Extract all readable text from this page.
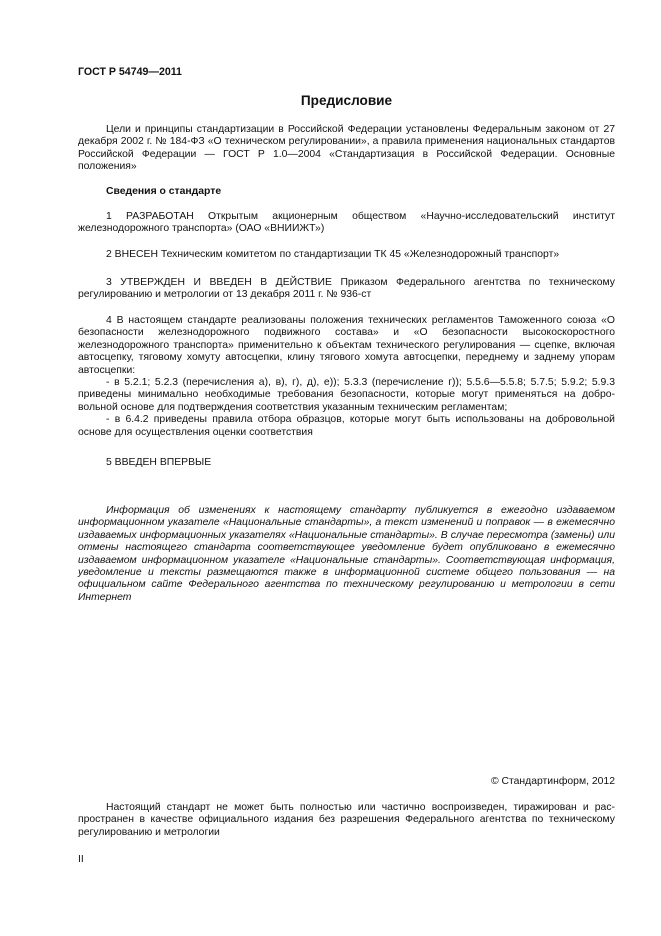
ГОСТ Р 54749—2011
Предисловие

Цели и принципы стандартизации в Российской Федерации установлены Федеральным законом от 27 декабря 2002 г. № 184-ФЗ «О техническом регулировании», а правила применения национальных стандартов Российской Федерации — ГОСТ Р 1.0—2004 «Стандартизация в Российской Федерации. Основные положения»

Сведения о стандарте

1 РАЗРАБОТАН Открытым акционерным обществом «Научно-исследовательский институт железнодорожного транспорта» (ОАО «ВНИИЖТ»)

2 ВНЕСЕН Техническим комитетом по стандартизации ТК 45 «Железнодорожный транспорт»

3 УТВЕРЖДЕН И ВВЕДЕН В ДЕЙСТВИЕ Приказом Федерального агентства по техническому регулированию и метрологии от 13 декабря 2011 г. № 936-ст

4 В настоящем стандарте реализованы положения технических регламентов Таможенного союза «О безопасности железнодорожного подвижного состава» и «О безопасности высокоскоростного железнодорожного транспорта» применительно к объектам технического регулирования — сцепке, включая автосцепку, тяговому хомуту автосцепки, клину тягового хомута автосцепки, переднему и заднему упорам автосцепки:

- в 5.2.1; 5.2.3 (перечисления а), в), г), д), е)); 5.3.3 (перечисление г)); 5.5.6—5.5.8; 5.7.5; 5.9.2; 5.9.3 приведены минимально необходимые требования безопасности, которые могут применяться на добровольной основе для подтверждения соответствия указанным техническим регламентам;

- в 6.4.2 приведены правила отбора образцов, которые могут быть использованы на добровольной основе для осуществления оценки соответствия

5 ВВЕДЕН ВПЕРВЫЕ

Информация об изменениях к настоящему стандарту публикуется в ежегодно издаваемом информационном указателе «Национальные стандарты», а текст изменений и поправок — в ежемесячно издаваемых информационных указателях «Национальные стандарты». В случае пересмотра (замены) или отмены настоящего стандарта соответствующее уведомление будет опубликовано в ежемесячно издаваемом информационном указателе «Национальные стандарты». Соответствующая информация, уведомление и тексты размещаются также в информационной системе общего пользования — на официальном сайте Федерального агентства по техническому регулированию и метрологии в сети Интернет

© Стандартинформ, 2012

Настоящий стандарт не может быть полностью или частично воспроизведен, тиражирован и распространен в качестве официального издания без разрешения Федерального агентства по техническому регулированию и метрологии

II
